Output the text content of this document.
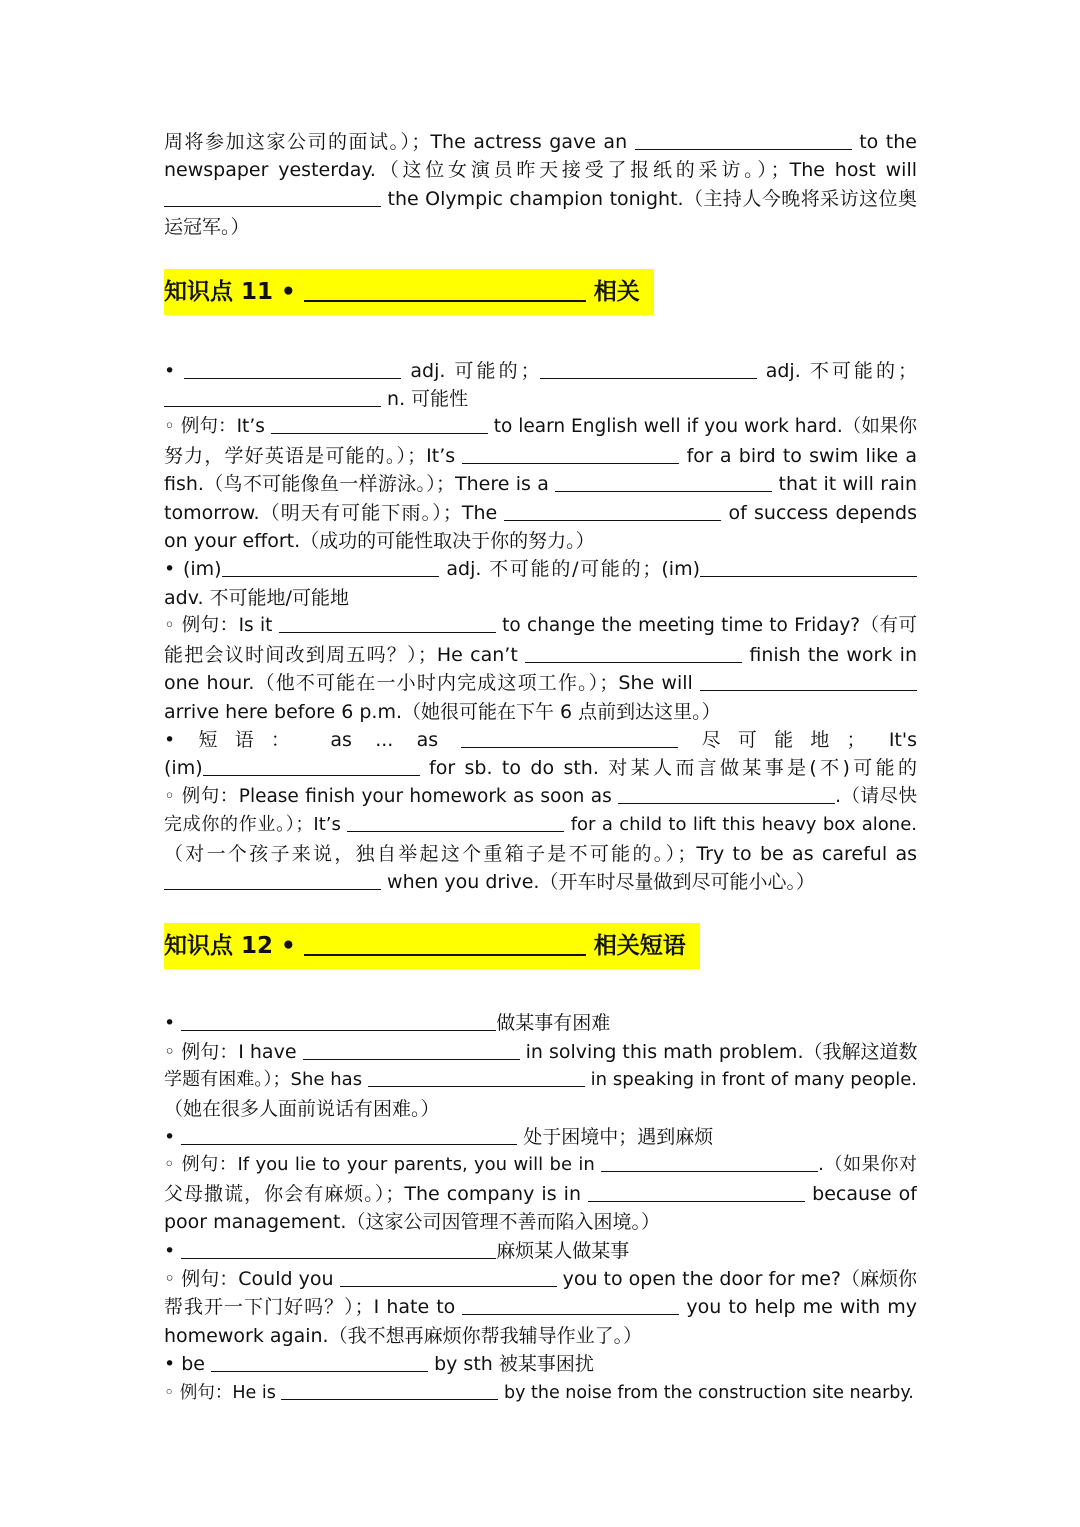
周将参加这家公司的面试。）；The actress gave an	to the
newspaper yesterday.（这位女演员昨天接受了报纸的采访。）；The host will
the Olympic champion tonight.（主持人今晚将采访这位奥
运冠军。）
知识点 11 •	相关
•	adj. 可能的；	adj. 不可能的；
n. 可能性
◦ 例句：It’s	to learn English well if you work hard.（如果你
努力，学好英语是可能的。）；It’s	for a bird to swim like a
fish.（鸟不可能像鱼一样游泳。）；There is a	that it will rain
tomorrow.（明天有可能下雨。）；The	of success depends
on your effort.（成功的可能性取决于你的努力。）
• (im)	adj. 不可能的/可能的；(im)
adv. 不可能地/可能地
◦ 例句：Is it	to change the meeting time to Friday?（有可
能把会议时间改到周五吗？）；He can’t	finish the work in
one hour.（他不可能在一小时内完成这项工作。）；She will
arrive here before 6 p.m.（她很可能在下午 6 点前到达这里。）
• 短语： as ... as	尽可能地； It's
(im)	for sb. to do sth. 对某人而言做某事是(不)可能的
◦ 例句：Please finish your homework as soon as	.（请尽快
完成你的作业。）；It’s	for a child to lift this heavy box alone.
（对一个孩子来说，独自举起这个重箱子是不可能的。）；Try to be as careful as
when you drive.（开车时尽量做到尽可能小心。）
知识点 12 •	相关短语
•	做某事有困难
◦ 例句：I have	in solving this math problem.（我解这道数
学题有困难。）；She has	in speaking in front of many people.
（她在很多人面前说话有困难。）
•	处于困境中；遇到麻烦
◦ 例句：If you lie to your parents, you will be in	.（如果你对
父母撒谎，你会有麻烦。）；The company is in	because of
poor management.（这家公司因管理不善而陷入困境。）
•	麻烦某人做某事
◦ 例句：Could you	you to open the door for me?（麻烦你
帮我开一下门好吗？）；I hate to	you to help me with my
homework again.（我不想再麻烦你帮我辅导作业了。）
• be	by sth 被某事困扰
◦ 例句：He is	by the noise from the construction site nearby.
